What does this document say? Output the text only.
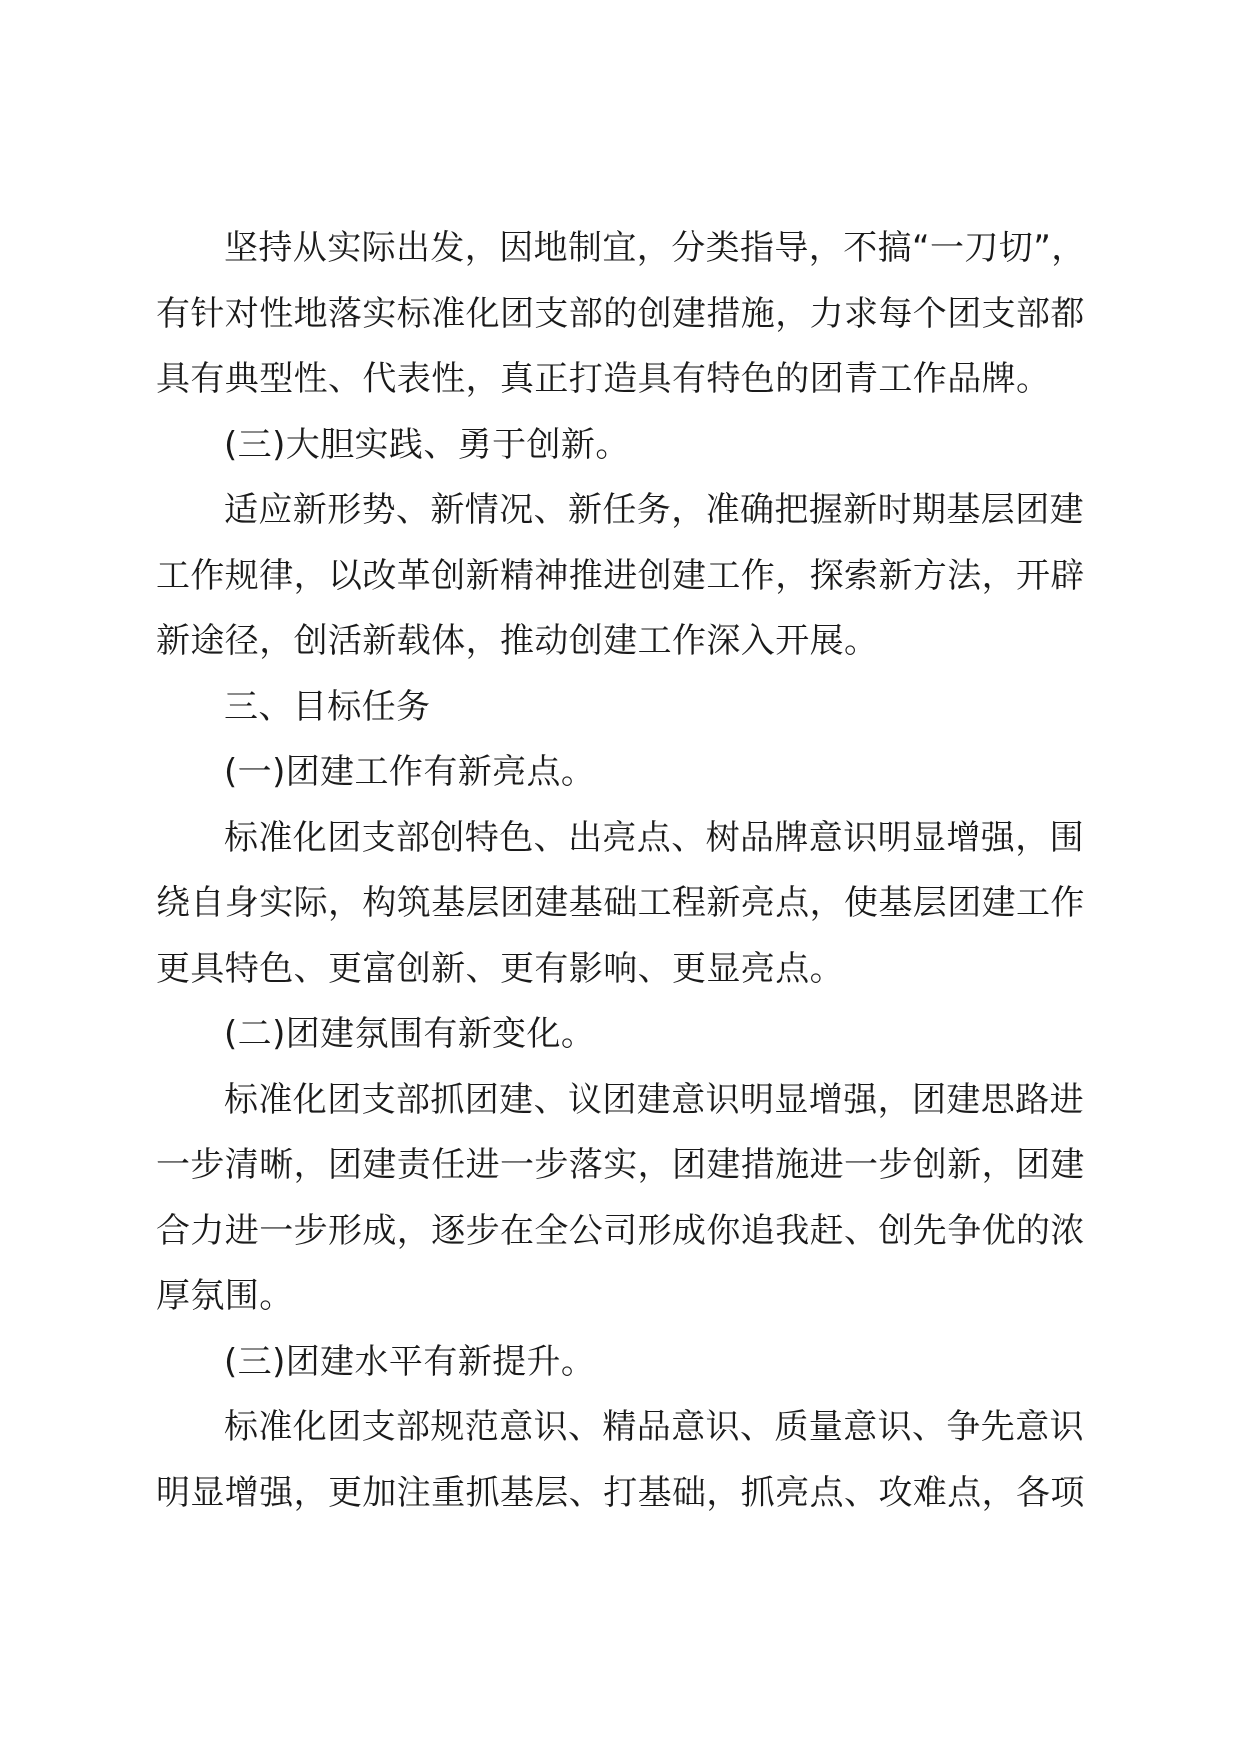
坚持从实际出发，因地制宜，分类指导，不搞“一刀切”，
有针对性地落实标准化团支部的创建措施，力求每个团支部都
具有典型性、代表性，真正打造具有特色的团青工作品牌。
(三)大胆实践、勇于创新。
适应新形势、新情况、新任务，准确把握新时期基层团建
工作规律，以改革创新精神推进创建工作，探索新方法，开辟
新途径，创活新载体，推动创建工作深入开展。
三、目标任务
(一)团建工作有新亮点。
标准化团支部创特色、出亮点、树品牌意识明显增强，围
绕自身实际，构筑基层团建基础工程新亮点，使基层团建工作
更具特色、更富创新、更有影响、更显亮点。
(二)团建氛围有新变化。
标准化团支部抓团建、议团建意识明显增强，团建思路进
一步清晰，团建责任进一步落实，团建措施进一步创新，团建
合力进一步形成，逐步在全公司形成你追我赶、创先争优的浓
厚氛围。
(三)团建水平有新提升。
标准化团支部规范意识、精品意识、质量意识、争先意识
明显增强，更加注重抓基层、打基础，抓亮点、攻难点，各项
